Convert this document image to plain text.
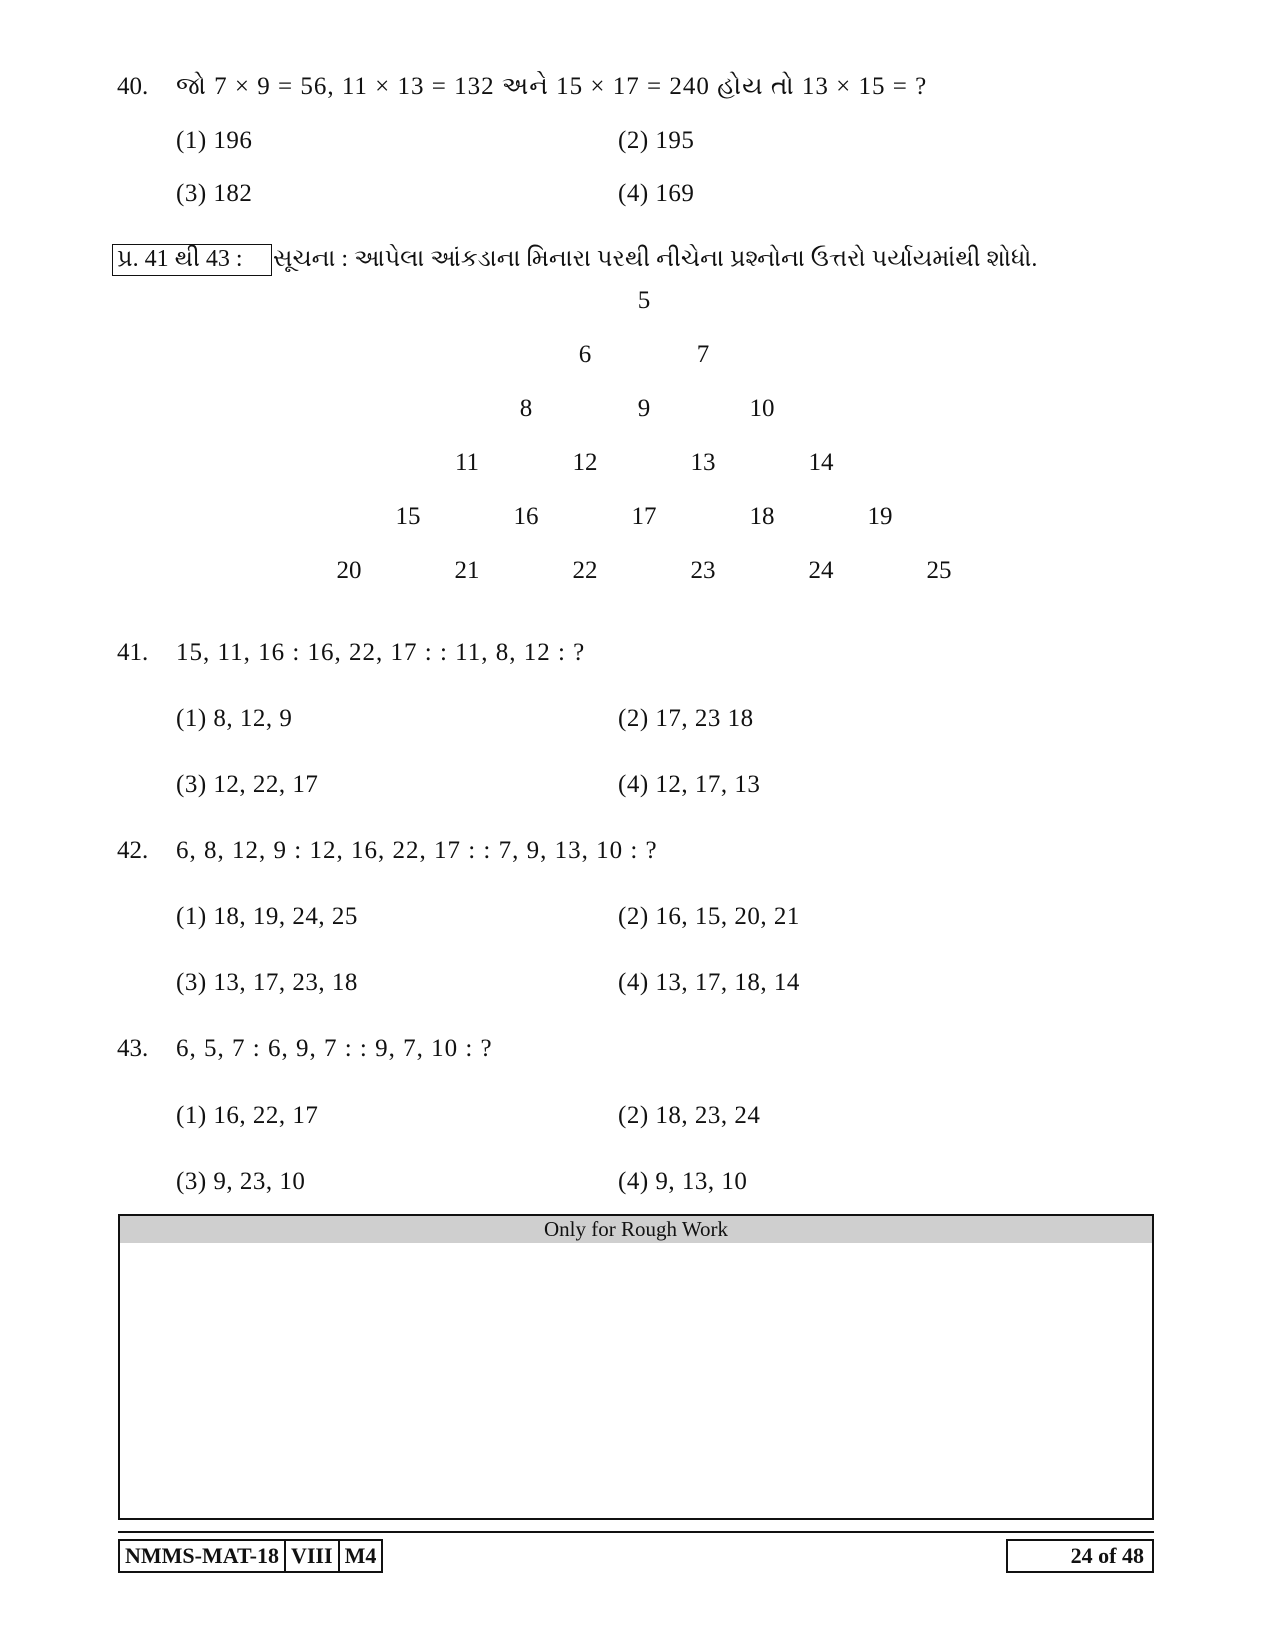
40. જો 7 × 9 = 56, 11 × 13 = 132 અને 15 × 17 = 240 હોય તો 13 × 15 = ?
(1) 196	(2) 195
(3) 182	(4) 169
પ્ર. 41 થી 43 :	સૂચના : આપેલા આંકડાના મિનારા પરથી નીચેના પ્રશ્નોના ઉત્તરો પર્યાયમાંથી શોધો.
5
6	7
8	9	10
11	12	13	14
15	16	17	18	19
20	21	22	23	24	25
41. 15, 11, 16 : 16, 22, 17 : : 11, 8, 12 : ?
(1) 8, 12, 9	(2) 17, 23 18
(3) 12, 22, 17	(4) 12, 17, 13
42. 6, 8, 12, 9 : 12, 16, 22, 17 : : 7, 9, 13, 10 : ?
(1) 18, 19, 24, 25	(2) 16, 15, 20, 21
(3) 13, 17, 23, 18	(4) 13, 17, 18, 14
43. 6, 5, 7 : 6, 9, 7 : : 9, 7, 10 : ?
(1) 16, 22, 17	(2) 18, 23, 24
(3) 9, 23, 10	(4) 9, 13, 10
Only for Rough Work
NMMS-MAT-18 VIII M4	24 of 48
